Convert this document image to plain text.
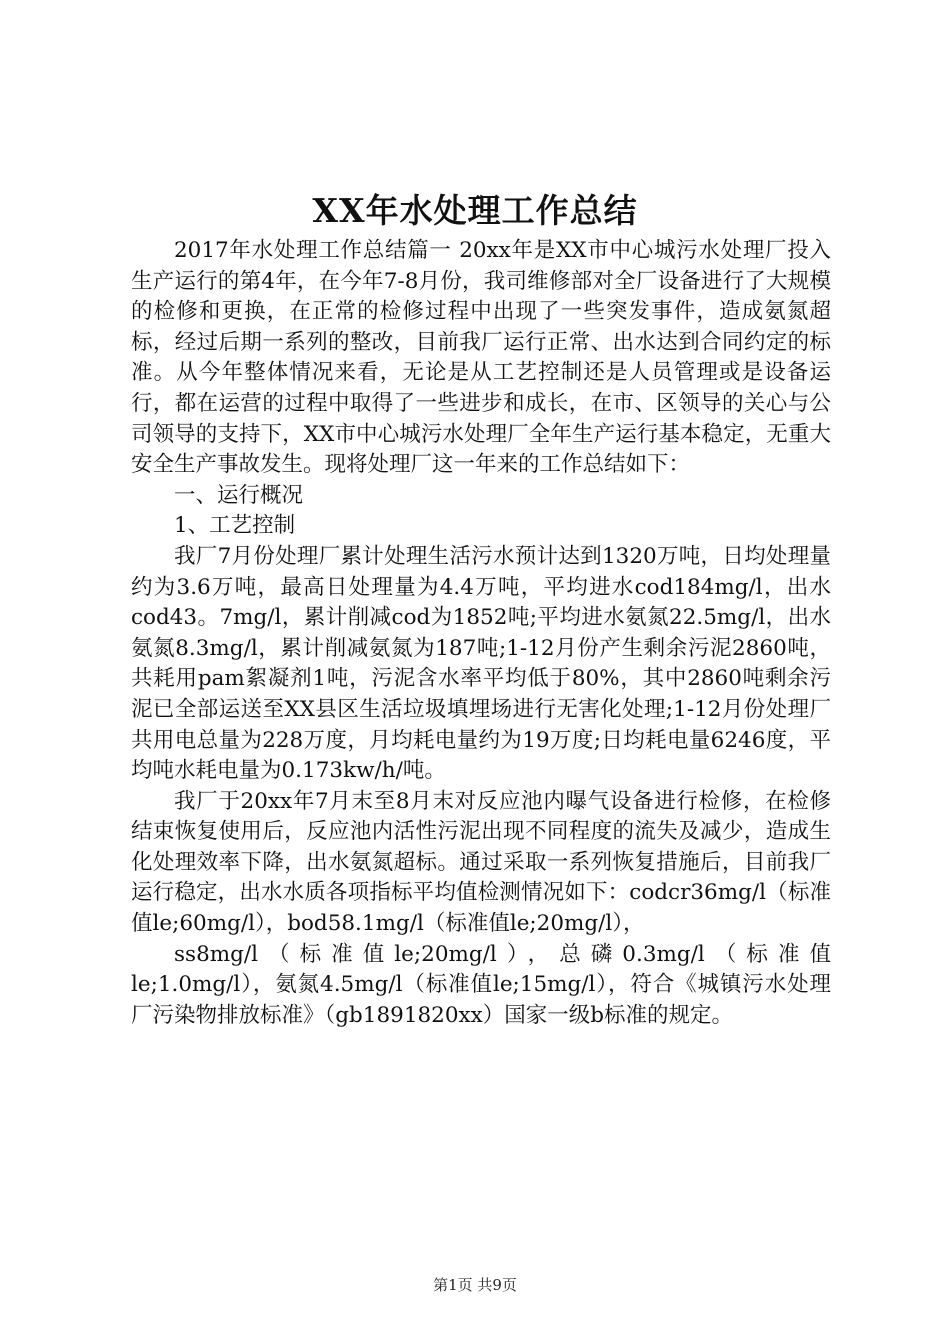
XX年水处理工作总结

2017年水处理工作总结篇一 20xx年是XX市中心城污水处理厂投入生产运行的第4年，在今年7-8月份，我司维修部对全厂设备进行了大规模的检修和更换，在正常的检修过程中出现了一些突发事件，造成氨氮超标，经过后期一系列的整改，目前我厂运行正常、出水达到合同约定的标准。从今年整体情况来看，无论是从工艺控制还是人员管理或是设备运行，都在运营的过程中取得了一些进步和成长，在市、区领导的关心与公司领导的支持下，XX市中心城污水处理厂全年生产运行基本稳定，无重大安全生产事故发生。现将处理厂这一年来的工作总结如下：

一、运行概况

1、工艺控制

我厂7月份处理厂累计处理生活污水预计达到1320万吨，日均处理量约为3.6万吨，最高日处理量为4.4万吨，平均进水cod184mg/l，出水cod43。7mg/l，累计削减cod为1852吨;平均进水氨氮22.5mg/l，出水氨氮8.3mg/l，累计削减氨氮为187吨;1-12月份产生剩余污泥2860吨，共耗用pam絮凝剂1吨，污泥含水率平均低于80%，其中2860吨剩余污泥已全部运送至XX县区生活垃圾填埋场进行无害化处理;1-12月份处理厂共用电总量为228万度，月均耗电量约为19万度;日均耗电量6246度，平均吨水耗电量为0.173kw/h/吨。

我厂于20xx年7月末至8月末对反应池内曝气设备进行检修，在检修结束恢复使用后，反应池内活性污泥出现不同程度的流失及减少，造成生化处理效率下降，出水氨氮超标。通过采取一系列恢复措施后，目前我厂运行稳定，出水水质各项指标平均值检测情况如下：codcr36mg/l（标准值le;60mg/l），bod58.1mg/l（标准值le;20mg/l），

ss8mg/l（标准值le;20mg/l），总磷0.3mg/l（标准值le;1.0mg/l），氨氮4.5mg/l（标准值le;15mg/l），符合《城镇污水处理厂污染物排放标准》（gb1891820xx）国家一级b标准的规定。

第1页 共9页
